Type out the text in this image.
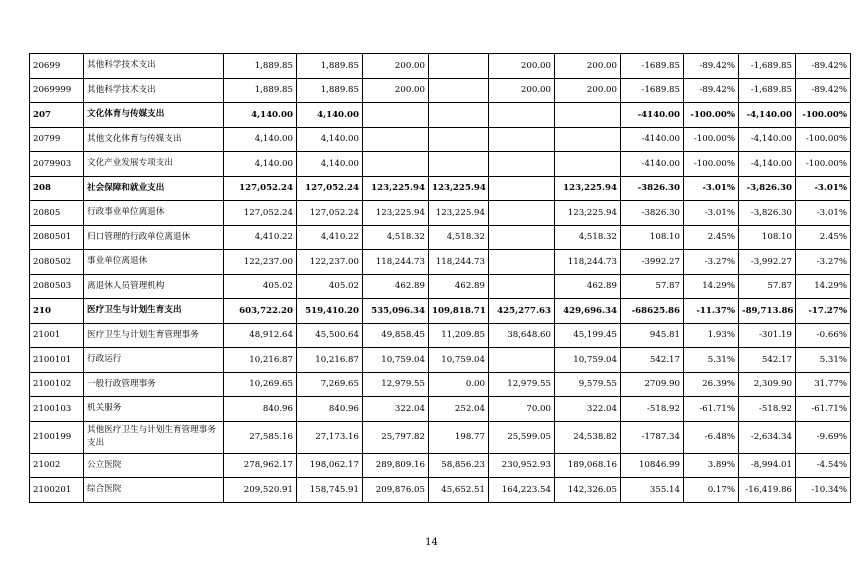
20699	其他科学技术支出	1,889.85	1,889.85	200.00		200.00	200.00	-1689.85	-89.42%	-1,689.85	-89.42%
2069999	其他科学技术支出	1,889.85	1,889.85	200.00		200.00	200.00	-1689.85	-89.42%	-1,689.85	-89.42%
207	文化体育与传媒支出	4,140.00	4,140.00					-4140.00	-100.00%	-4,140.00	-100.00%
20799	其他文化体育与传媒支出	4,140.00	4,140.00					-4140.00	-100.00%	-4,140.00	-100.00%
2079903	文化产业发展专项支出	4,140.00	4,140.00					-4140.00	-100.00%	-4,140.00	-100.00%
208	社会保障和就业支出	127,052.24	127,052.24	123,225.94	123,225.94		123,225.94	-3826.30	-3.01%	-3,826.30	-3.01%
20805	行政事业单位离退休	127,052.24	127,052.24	123,225.94	123,225.94		123,225.94	-3826.30	-3.01%	-3,826.30	-3.01%
2080501	归口管理的行政单位离退休	4,410.22	4,410.22	4,518.32	4,518.32		4,518.32	108.10	2.45%	108.10	2.45%
2080502	事业单位离退休	122,237.00	122,237.00	118,244.73	118,244.73		118,244.73	-3992.27	-3.27%	-3,992.27	-3.27%
2080503	离退休人员管理机构	405.02	405.02	462.89	462.89		462.89	57.87	14.29%	57.87	14.29%
210	医疗卫生与计划生育支出	603,722.20	519,410.20	535,096.34	109,818.71	425,277.63	429,696.34	-68625.86	-11.37%	-89,713.86	-17.27%
21001	医疗卫生与计划生育管理事务	48,912.64	45,500.64	49,858.45	11,209.85	38,648.60	45,199.45	945.81	1.93%	-301.19	-0.66%
2100101	行政运行	10,216.87	10,216.87	10,759.04	10,759.04		10,759.04	542.17	5.31%	542.17	5.31%
2100102	一般行政管理事务	10,269.65	7,269.65	12,979.55	0.00	12,979.55	9,579.55	2709.90	26.39%	2,309.90	31.77%
2100103	机关服务	840.96	840.96	322.04	252.04	70.00	322.04	-518.92	-61.71%	-518.92	-61.71%
2100199	其他医疗卫生与计划生育管理事务支出	27,585.16	27,173.16	25,797.82	198.77	25,599.05	24,538.82	-1787.34	-6.48%	-2,634.34	-9.69%
21002	公立医院	278,962.17	198,062.17	289,809.16	58,856.23	230,952.93	189,068.16	10846.99	3.89%	-8,994.01	-4.54%
2100201	综合医院	209,520.91	158,745.91	209,876.05	45,652.51	164,223.54	142,326.05	355.14	0.17%	-16,419.86	-10.34%
14
